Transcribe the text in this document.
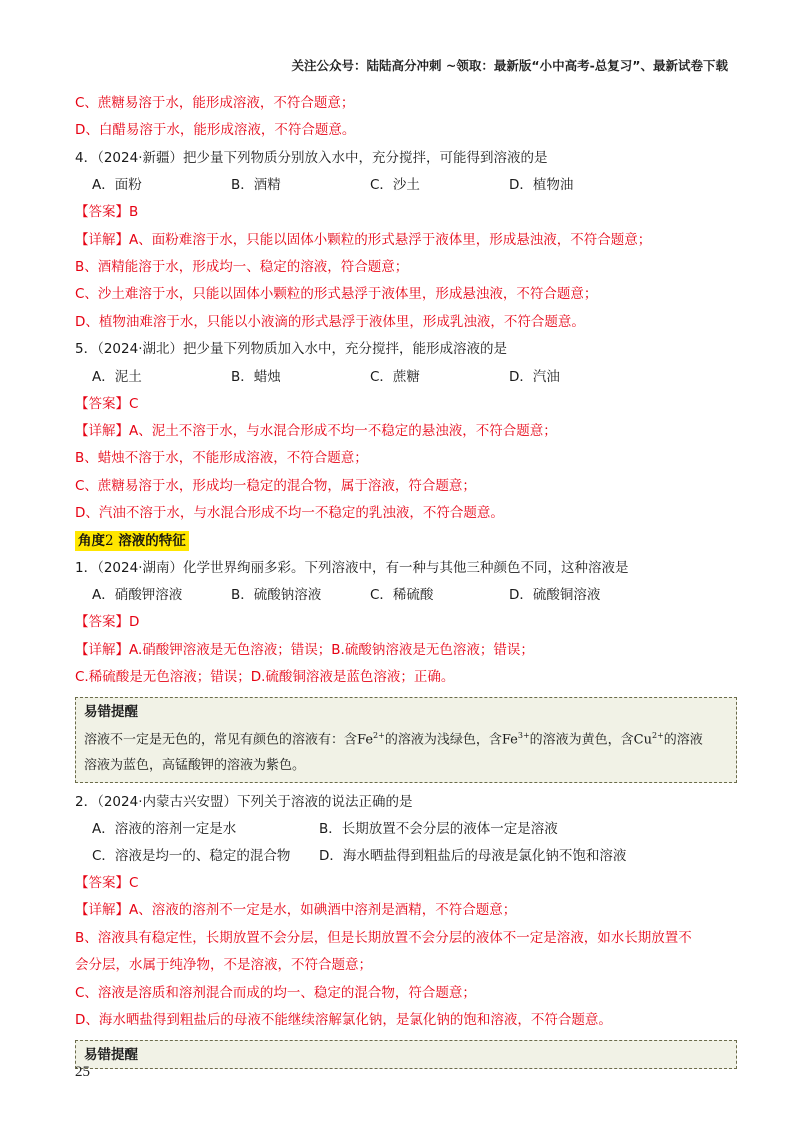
关注公众号：陆陆高分冲刺 ~领取：最新版“小中高考-总复习”、最新试卷下载
C、蔗糖易溶于水，能形成溶液，不符合题意；
D、白醋易溶于水，能形成溶液，不符合题意。
4．（2024·新疆）把少量下列物质分别放入水中，充分搅拌，可能得到溶液的是
A．面粉	B．酒精	C．沙土	D．植物油
【答案】B
【详解】A、面粉难溶于水，只能以固体小颗粒的形式悬浮于液体里，形成悬浊液，不符合题意；
B、酒精能溶于水，形成均一、稳定的溶液，符合题意；
C、沙土难溶于水，只能以固体小颗粒的形式悬浮于液体里，形成悬浊液，不符合题意；
D、植物油难溶于水，只能以小液滴的形式悬浮于液体里，形成乳浊液，不符合题意。
5．（2024·湖北）把少量下列物质加入水中，充分搅拌，能形成溶液的是
A．泥土	B．蜡烛	C．蔗糖	D．汽油
【答案】C
【详解】A、泥土不溶于水，与水混合形成不均一不稳定的悬浊液，不符合题意；
B、蜡烛不溶于水，不能形成溶液，不符合题意；
C、蔗糖易溶于水，形成均一稳定的混合物，属于溶液，符合题意；
D、汽油不溶于水，与水混合形成不均一不稳定的乳浊液，不符合题意。
角度2 溶液的特征
1．（2024·湖南）化学世界绚丽多彩。下列溶液中，有一种与其他三种颜色不同，这种溶液是
A．硝酸钾溶液	B．硫酸钠溶液	C．稀硫酸	D．硫酸铜溶液
【答案】D
【详解】A.硝酸钾溶液是无色溶液；错误；B.硫酸钠溶液是无色溶液；错误；
C.稀硫酸是无色溶液；错误；D.硫酸铜溶液是蓝色溶液；正确。
易错提醒
溶液不一定是无色的，常见有颜色的溶液有：含$Fe^{2+}$的溶液为浅绿色，含$Fe^{3+}$的溶液为黄色，含$Cu^{2+}$的溶液
溶液为蓝色，高锰酸钾的溶液为紫色。
2．（2024·内蒙古兴安盟）下列关于溶液的说法正确的是
A．溶液的溶剂一定是水	B．长期放置不会分层的液体一定是溶液
C．溶液是均一的、稳定的混合物	D．海水晒盐得到粗盐后的母液是氯化钠不饱和溶液
【答案】C
【详解】A、溶液的溶剂不一定是水，如碘酒中溶剂是酒精，不符合题意；
B、溶液具有稳定性，长期放置不会分层，但是长期放置不会分层的液体不一定是溶液，如水长期放置不
会分层，水属于纯净物，不是溶液，不符合题意；
C、溶液是溶质和溶剂混合而成的均一、稳定的混合物，符合题意；
D、海水晒盐得到粗盐后的母液不能继续溶解氯化钠，是氯化钠的饱和溶液，不符合题意。
易错提醒
25
